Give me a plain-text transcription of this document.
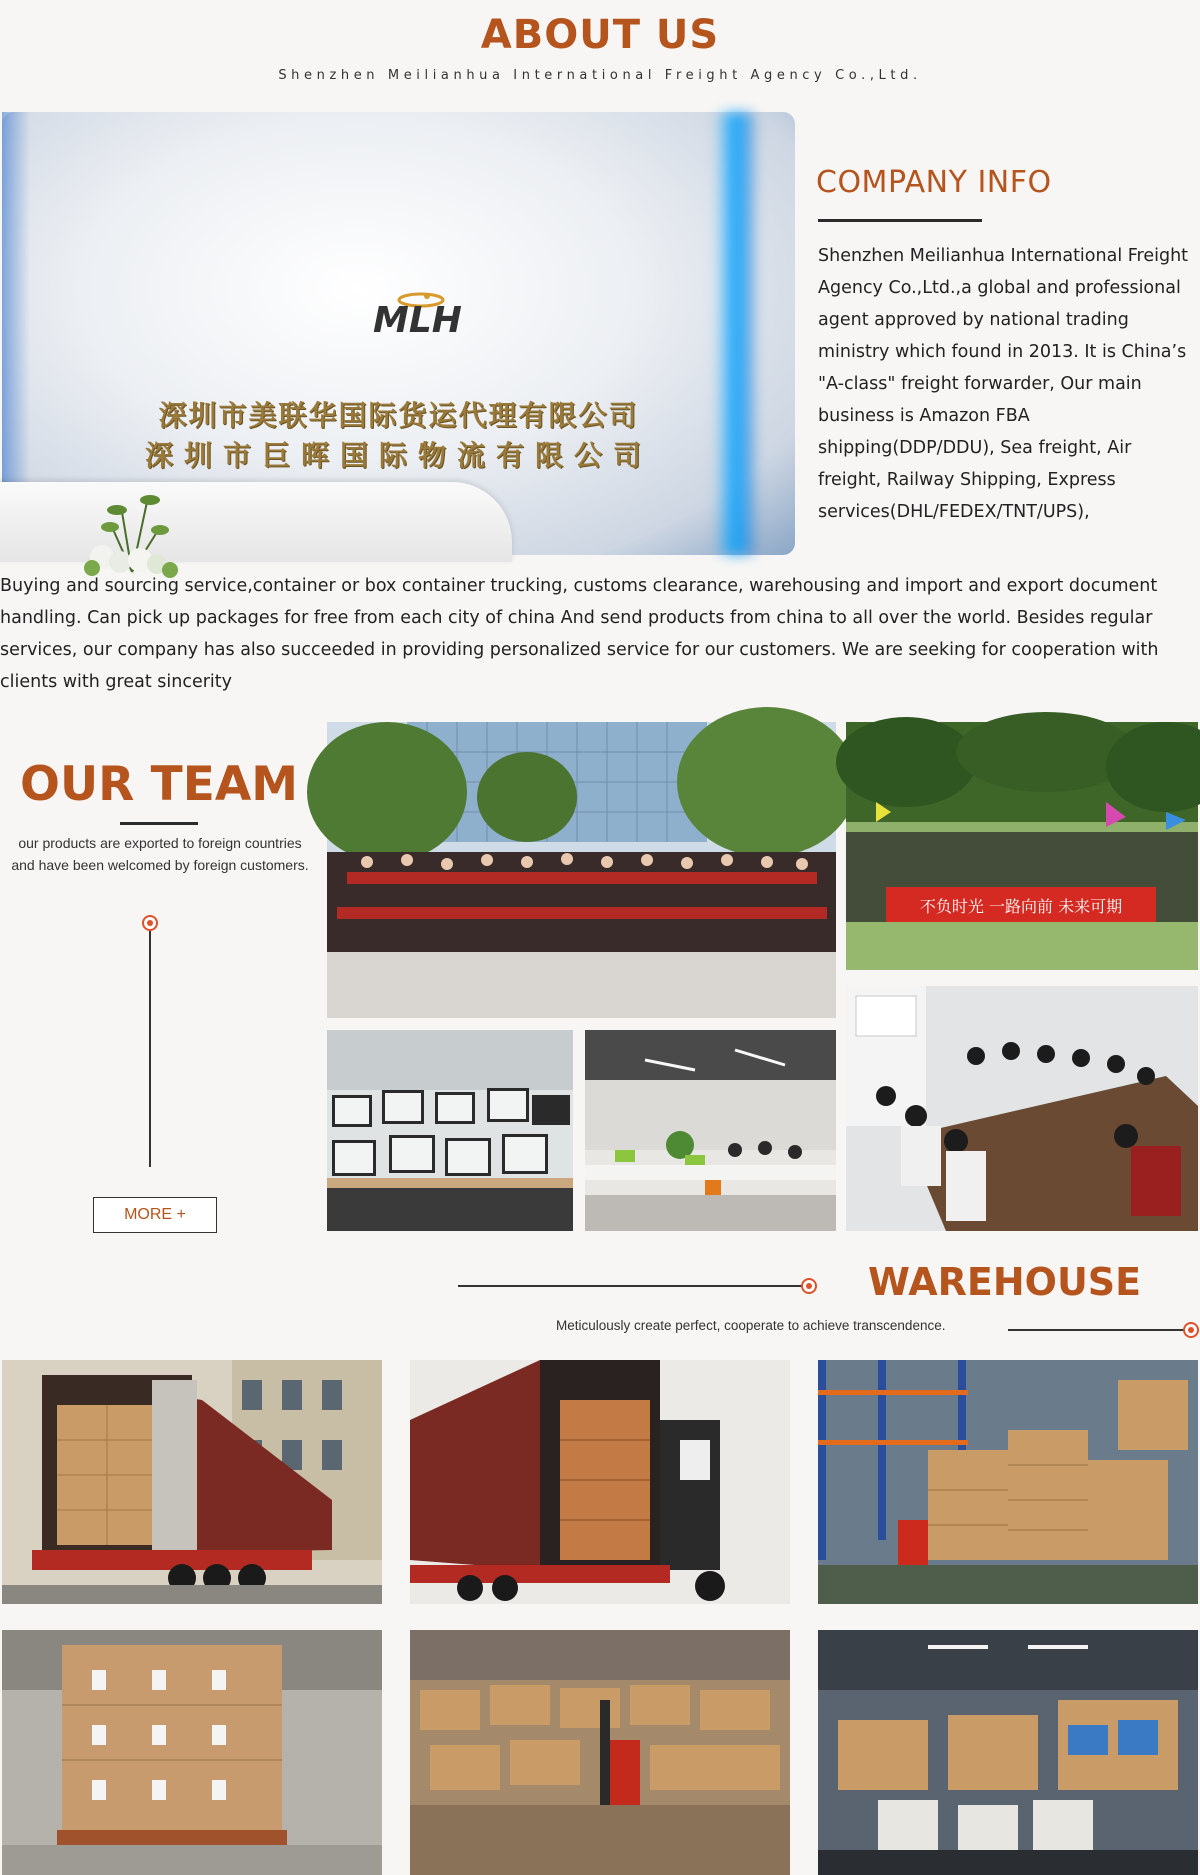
ABOUT US
Shenzhen Meilianhua International Freight Agency Co.,Ltd.
MLH
深圳市美联华国际货运代理有限公司
深圳市巨晖国际物流有限公司
COMPANY INFO
Shenzhen Meilianhua International Freight Agency Co.,Ltd.,a global and professional agent approved by national trading ministry which found in 2013. It is China’s "A-class" freight forwarder, Our main business is Amazon FBA shipping(DDP/DDU), Sea freight, Air freight, Railway Shipping, Express services(DHL/FEDEX/TNT/UPS),
Buying and sourcing service,container or box container trucking, customs clearance, warehousing and import and export document handling. Can pick up packages for free from each city of china And send products from china to all over the world. Besides regular services, our company has also succeeded in providing personalized service for our customers. We are seeking for cooperation with clients with great sincerity
OUR TEAM
our products are exported to foreign countries and have been welcomed by foreign customers.
MORE +
不负时光 一路向前 未来可期
WAREHOUSE
Meticulously create perfect, cooperate to achieve transcendence.
